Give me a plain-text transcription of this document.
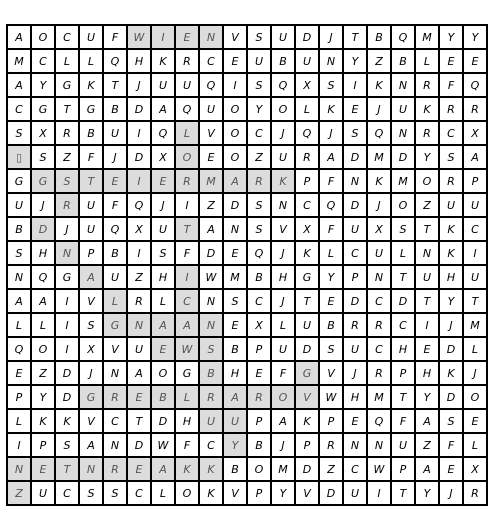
A	O	C	U	F	W	I	E	N	V	S	U	D	J	T	B	Q	M	Y	Y
M	C	L	L	Q	H	K	R	C	E	U	B	U	N	Y	Z	B	L	E	E
A	Y	G	K	T	J	U	U	Q	I	S	Q	X	S	I	K	N	R	F	Q
C	G	T	G	B	D	A	Q	U	O	Y	O	L	K	E	J	U	K	R	R
S	X	R	B	U	I	Q	L	V	O	C	J	Q	J	S	Q	N	R	C	X
▯	S	Z	F	J	D	X	O	E	O	Z	U	R	A	D	M	D	Y	S	A
G	G	S	T	E	I	E	R	M	A	R	K	P	F	N	K	M	O	R	P
U	J	R	U	F	Q	J	I	Z	D	S	N	C	Q	D	J	O	Z	U	U
B	D	J	U	Q	X	U	T	A	N	S	V	X	F	U	X	S	T	K	C
S	H	N	P	B	I	S	F	D	E	Q	J	K	L	C	U	L	N	K	I
N	Q	G	A	U	Z	H	I	W	M	B	H	G	Y	P	N	T	U	H	U
A	A	I	V	L	R	L	C	N	S	C	J	T	E	D	C	D	T	Y	T
L	L	I	S	G	N	A	A	N	E	X	L	U	B	R	R	C	I	J	M
Q	O	I	X	V	U	E	W	S	B	P	U	D	S	U	C	H	E	D	L
E	Z	D	J	N	A	O	G	B	H	E	F	G	V	J	R	P	H	K	J
P	Y	D	G	R	E	B	L	R	A	R	O	V	W	H	M	T	Y	D	O
L	K	K	V	C	T	D	H	U	U	P	A	K	P	E	Q	F	A	S	E
I	P	S	A	N	D	W	F	C	Y	B	J	P	R	N	N	U	Z	F	L
N	E	T	N	R	E	A	K	K	B	O	M	D	Z	C	W	P	A	E	X
Z	U	C	S	S	C	L	O	K	V	P	Y	V	D	U	I	T	Y	J	R
